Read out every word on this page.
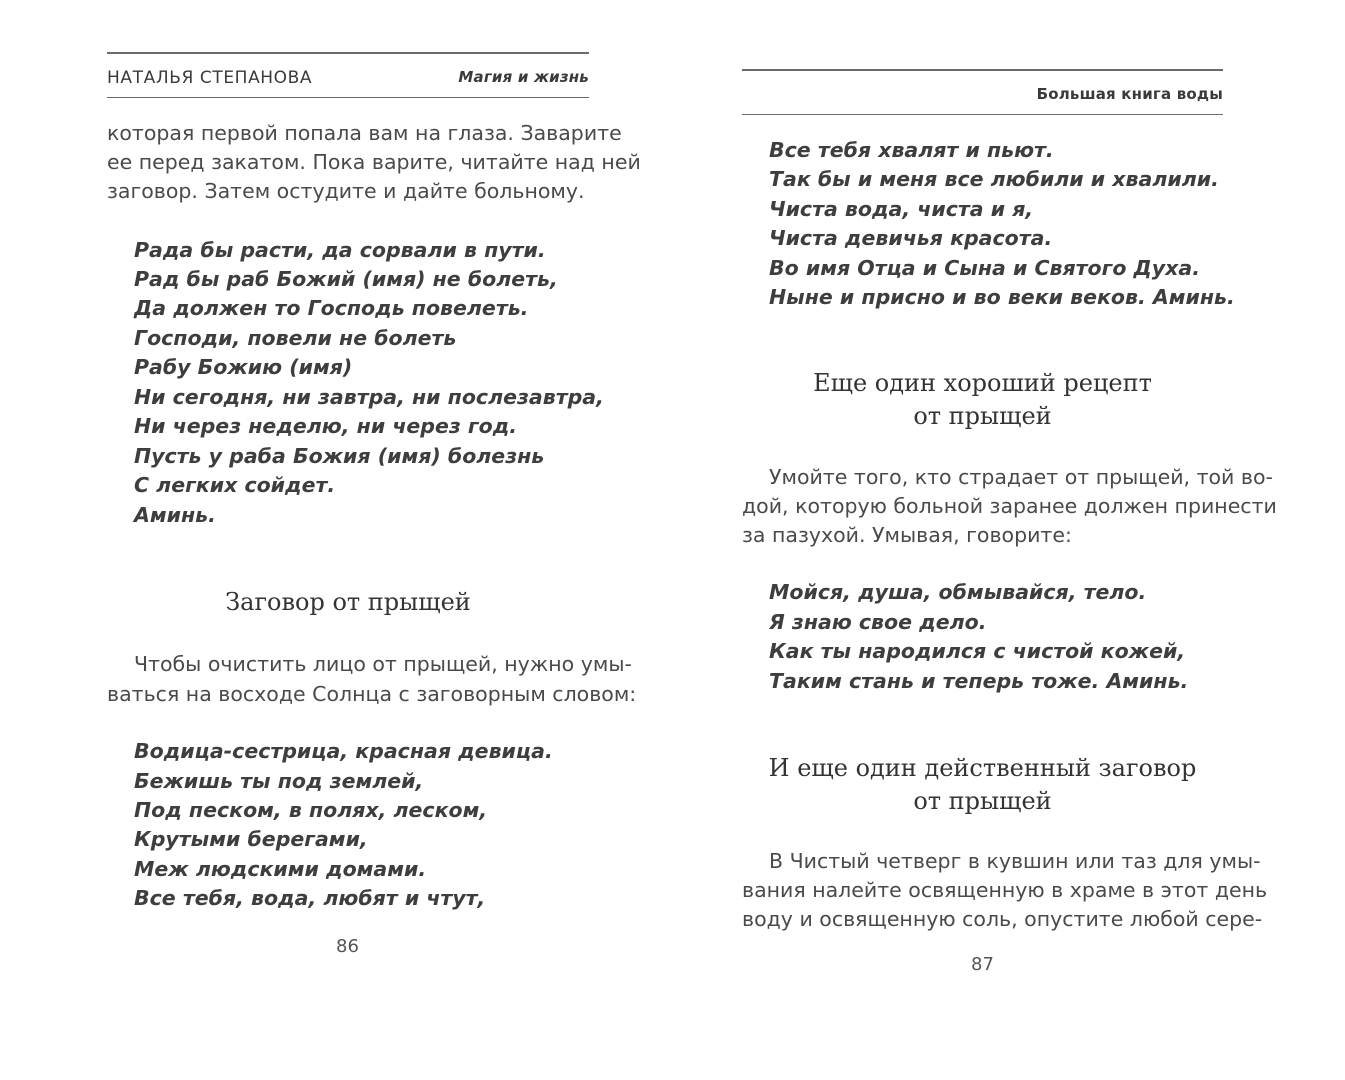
НАТАЛЬЯ СТЕПАНОВА	Магия и жизнь
которая первой попала вам на глаза. Заварите
ее перед закатом. Пока варите, читайте над ней
заговор. Затем остудите и дайте больному.
Рада бы расти, да сорвали в пути.
Рад бы раб Божий (имя) не болеть,
Да должен то Господь повелеть.
Господи, повели не болеть
Рабу Божию (имя)
Ни сегодня, ни завтра, ни послезавтра,
Ни через неделю, ни через год.
Пусть у раба Божия (имя) болезнь
С легких сойдет.
Аминь.
Заговор от прыщей
Чтобы очистить лицо от прыщей, нужно умы-
ваться на восходе Солнца с заговорным словом:
Водица-сестрица, красная девица.
Бежишь ты под землей,
Под песком, в полях, леском,
Крутыми берегами,
Меж людскими домами.
Все тебя, вода, любят и чтут,
86
Большая книга воды
Все тебя хвалят и пьют.
Так бы и меня все любили и хвалили.
Чиста вода, чиста и я,
Чиста девичья красота.
Во имя Отца и Сына и Святого Духа.
Ныне и присно и во веки веков. Аминь.
Еще один хороший рецепт
от прыщей
Умойте того, кто страдает от прыщей, той во-
дой, которую больной заранее должен принести
за пазухой. Умывая, говорите:
Мойся, душа, обмывайся, тело.
Я знаю свое дело.
Как ты народился с чистой кожей,
Таким стань и теперь тоже. Аминь.
И еще один действенный заговор
от прыщей
В Чистый четверг в кувшин или таз для умы-
вания налейте освященную в храме в этот день
воду и освященную соль, опустите любой сере-
87
